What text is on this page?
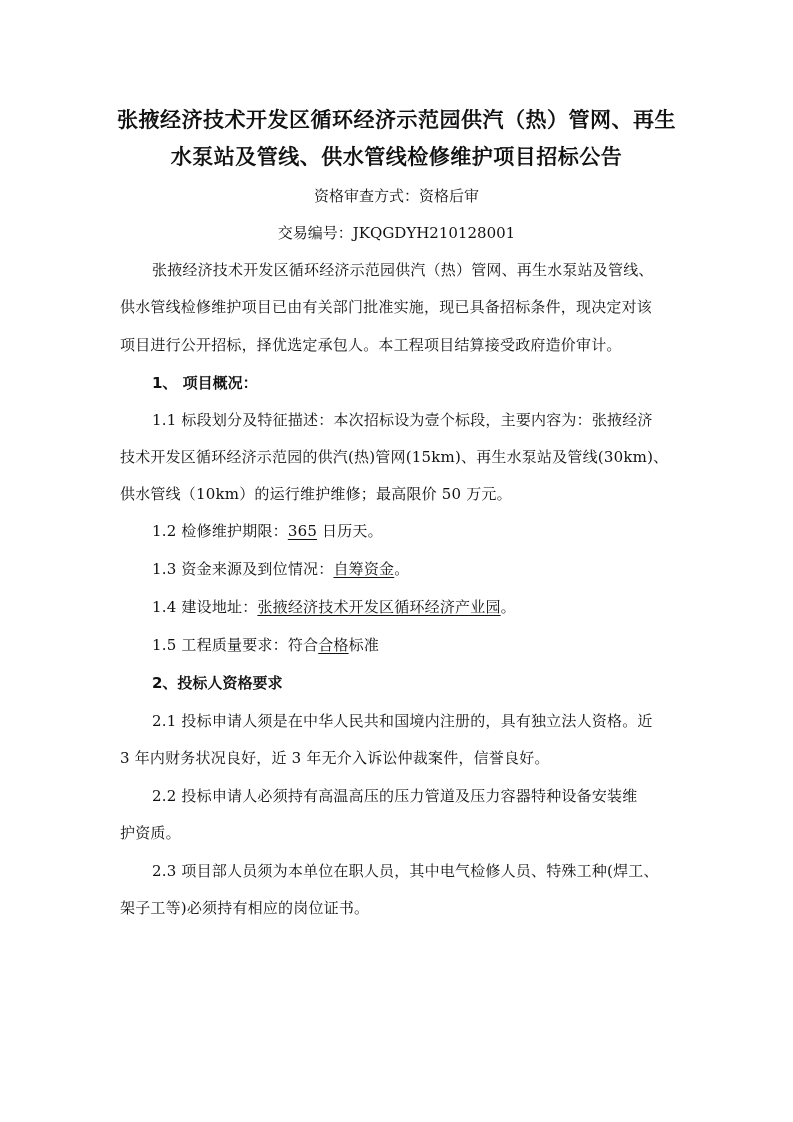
张掖经济技术开发区循环经济示范园供汽（热）管网、再生
水泵站及管线、供水管线检修维护项目招标公告
资格审查方式：资格后审
交易编号：JKQGDYH210128001
张掖经济技术开发区循环经济示范园供汽（热）管网、再生水泵站及管线、
供水管线检修维护项目已由有关部门批准实施，现已具备招标条件，现决定对该
项目进行公开招标，择优选定承包人。本工程项目结算接受政府造价审计。
1、 项目概况：
1.1 标段划分及特征描述：本次招标设为壹个标段，主要内容为：张掖经济
技术开发区循环经济示范园的供汽(热)管网(15km)、再生水泵站及管线(30km)、
供水管线（10km）的运行维护维修；最高限价 50 万元。
1.2 检修维护期限：365 日历天。
1.3 资金来源及到位情况：自筹资金。
1.4 建设地址：张掖经济技术开发区循环经济产业园。
1.5 工程质量要求：符合合格标准
2、投标人资格要求
2.1 投标申请人须是在中华人民共和国境内注册的，具有独立法人资格。近
3 年内财务状况良好，近 3 年无介入诉讼仲裁案件，信誉良好。
2.2 投标申请人必须持有高温高压的压力管道及压力容器特种设备安装维
护资质。
2.3 项目部人员须为本单位在职人员，其中电气检修人员、特殊工种(焊工、
架子工等)必须持有相应的岗位证书。
